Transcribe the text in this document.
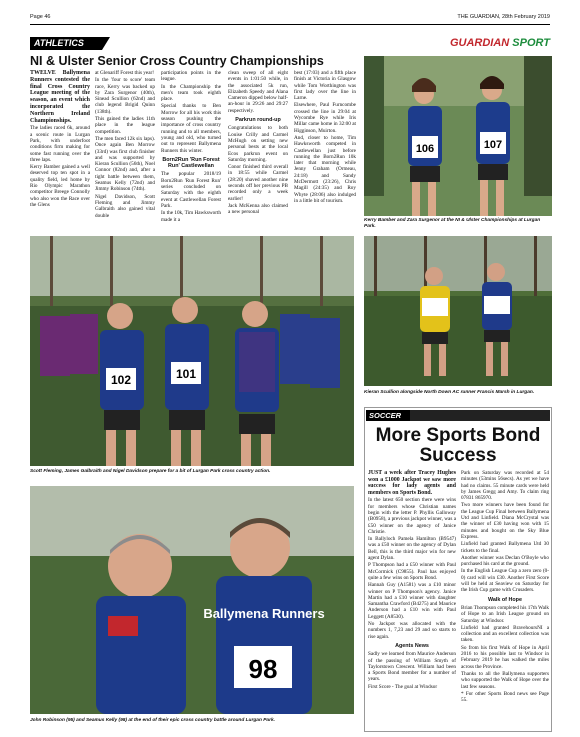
Page 46	THE GUARDIAN, 28th February 2019
ATHLETICS	GUARDIAN SPORT
NI & Ulster Senior Cross Country Championships

TWELVE Ballymena Runners contested the final Cross Country League meeting of the season, an event which incorporated the Northern Ireland Championships.

The ladies raced 6k, around a scenic route in Lurgan Park, with underfoot conditions firm making for some fast running over the three laps.

Kerry Bamber gained a well deserved top ten spot in a quality field, led home by Rio Olympic Marathon competitor Breege Connolly who also won the Race over the Glens

at Glenariff Forest this year!

In the 'four to score' team race, Kerry was backed up by Zara Surgenor (40th), Sinead Scullion (62nd) and club legend Brigid Quinn (138th).

This gained the ladies 11th place in the league competition.

The men faced 12k six laps). Once again Ben Morrow (33rd) was first club finisher and was supported by Kieran Scullion (56th), Noel Connor (82nd) and, after a tight battle between them, Seamus Kelly (72nd) and Jimmy Robinson (74th).

Nigel Davidson, Scott Fleming and Jimmy Galbraith also gained vital double

participation points in the league.

In the Championship the men's team took eighth place.

Special thanks to Ben Morrow for all his work this season pushing the importance of cross country running and to all members, young and old, who turned out to represent Ballymena Runners this winter.

Born2Run 'Run Forest Run' Castlewellan

The popular 2018/19 Born2Run 'Run Forest Run' series concluded on Saturday with the eighth event at Castlewellan Forest Park.

In the 10k, Tim Hawksworth made it a

clean sweep of all eight events in 1:01:50 while, in the associated 5k run, Elizabeth Speedy and Alana Cameron dipped below half-an-hour in 29:26 and 29:27 respectively.

Parkrun round-up

Congratulations to both Louise Crilly and Carmel McHugh on setting new personal bests at the local Ecos parkrun event on Saturday morning.

Conor finished third overall in 18:55 while Carmel (28:20) shaved another nine seconds off her previous PB recorded only a week earlier!

Jack McKenna also claimed a new personal

best (17:03) and a fifth place finish at Victoria in Glasgow while Tom Worthington was first lady over the line in Larne.

Elsewhere, Paul Furncombe crossed the line in 29:04 at Wycombe Rye while Iris Millar came home in 32:00 at Higginson, Muirton.

And, closer to home, Tim Hawksworth competed in Castlewellan just before running the Born2Run 10k later that morning while Jenny Graham (Ormeau, 24:18) and Sandy McDermott (23:26), Chris Magill (24:35) and Roy Whyte (28:06) also indulged in a little bit of tourism.

106	107
Kerry Bamber and Zara Surgenor at the NI & Ulster Championships at Lurgan Park.
102	101
Scott Fleming, James Galbraith and Nigel Davidson prepare for a bit of Lurgan Park cross country action.
Kieran Scullion alongside North Down AC runner Francis Marsh in Lurgan.
Ballymena Runners
98
John Robinson (95) and Seamus Kelly (98) at the end of their epic cross country battle around Lurgan Park.
SOCCER
More Sports Bond Success

JUST a week after Tracey Hughes won a £1000 Jackpot we saw more success for lady agents and members on Sports Bond.

In the latest 650 section there were wins for members whose Christian names begin with the letter P. Phyllis Galloway (B0958), a previous jackpot winner, was a £50 winner on the agency of Janice Christie.

In Ballyloch Pamela Hamilton (B9547) was a £50 winner on the agency of Dylan Bell, this is the third major win for new agent Dylan.

P Thompson had a £50 winner with Paul McCormick (C9855). Paul has enjoyed quite a few wins on Sports Bond.

Hannah Guy (A1581) was a £10 minor winner on P Thompson's agency. Janice Martin had a £10 winner with daughter Samantha Crawford (B4275) and Maurice Anderson had a £10 win with Paul Leggett (A8530).

No Jackpot was allocated with the numbers 1, 7,23 and 29 and so starts to rise again.

Agents News

Sadly we learned from Maurice Anderson of the passing of William Smyth of Taylorstown Crescent. William had been a Sports Bond member for a number of years.

First Score - The goal at Windsor

Park on Saturday was recorded at 54 minutes (53mins 56secs). As yet we have had no claims. 55 minute cards were held by James Gregg and Amy. To claim ring 07831 865970.

Two more winners have been found for the League Cup Final between Ballymena Utd and Linfield. Diana McCrystal was the winner of £30 having won with 15 minutes and bought on the Sky Blue Express.

Linfield had granted Ballymena Utd 30 tickets to the final.

Another winner was Declan O'Boyle who purchased his card at the ground.

In the English League Cup a zero zero (0-0) card will win £30. Another First Score will be held at Seaview on Saturday for the Irish Cup game with Crusaders.

Walk of Hope

Brian Thompson completed his 17th Walk of Hope to an Irish League ground on Saturday at Windsor.

Linfield had granted BravehoursNI a collection and an excellent collection was taken.

So from his first Walk of Hope in April 2016 to his possible last to Windsor in February 2019 he has walked the miles across the Province.

Thanks to all the Ballymena supporters who supported the Walk of Hope over the last few seasons.

* For other Sports Bond news see Page 55.
